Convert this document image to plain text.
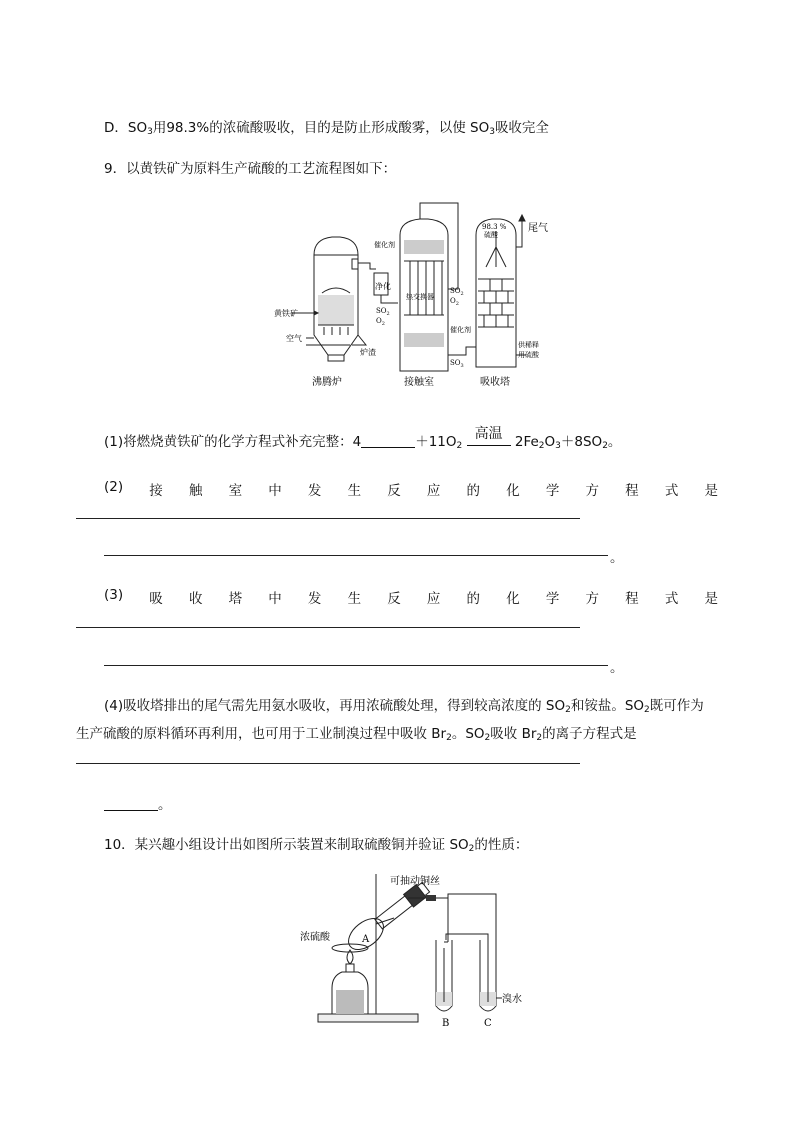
D．$SO_3$用98.3%的浓硫酸吸收，目的是防止形成酸雾，以使 $SO_3$吸收完全
9．以黄铁矿为原料生产硫酸的工艺流程图如下：
沸腾炉	接触室	吸收塔
黄铁矿
空气
炉渣
净化
$SO_2$
$O_2$
催化剂
热交换器
催化剂
$SO_2$
$O_2$
$SO_3$
98.3 %
硫酸
尾气
供稀释
用硫酸
(1)将燃烧黄铁矿的化学方程式补充完整：4	$+11O_2$
高温 $2Fe_2O_3+8SO_2$。
(2) 接 触 室 中 发 生 反 应 的 化 学 方 程 式 是
。
(3) 吸 收 塔 中 发 生 反 应 的 化 学 方 程 式 是
。
(4)吸收塔排出的尾气需先用氨水吸收，再用浓硫酸处理，得到较高浓度的 $SO_2$和铵盐。$SO_2$既可作为
生产硫酸的原料循环再利用，也可用于工业制溴过程中吸收 $Br_2$。$SO_2$吸收 $Br_2$的离子方程式是
。
10．某兴趣小组设计出如图所示装置来制取硫酸铜并验证 $SO_2$的性质：
可抽动铜丝
浓硫酸	A
B	C
溴水
